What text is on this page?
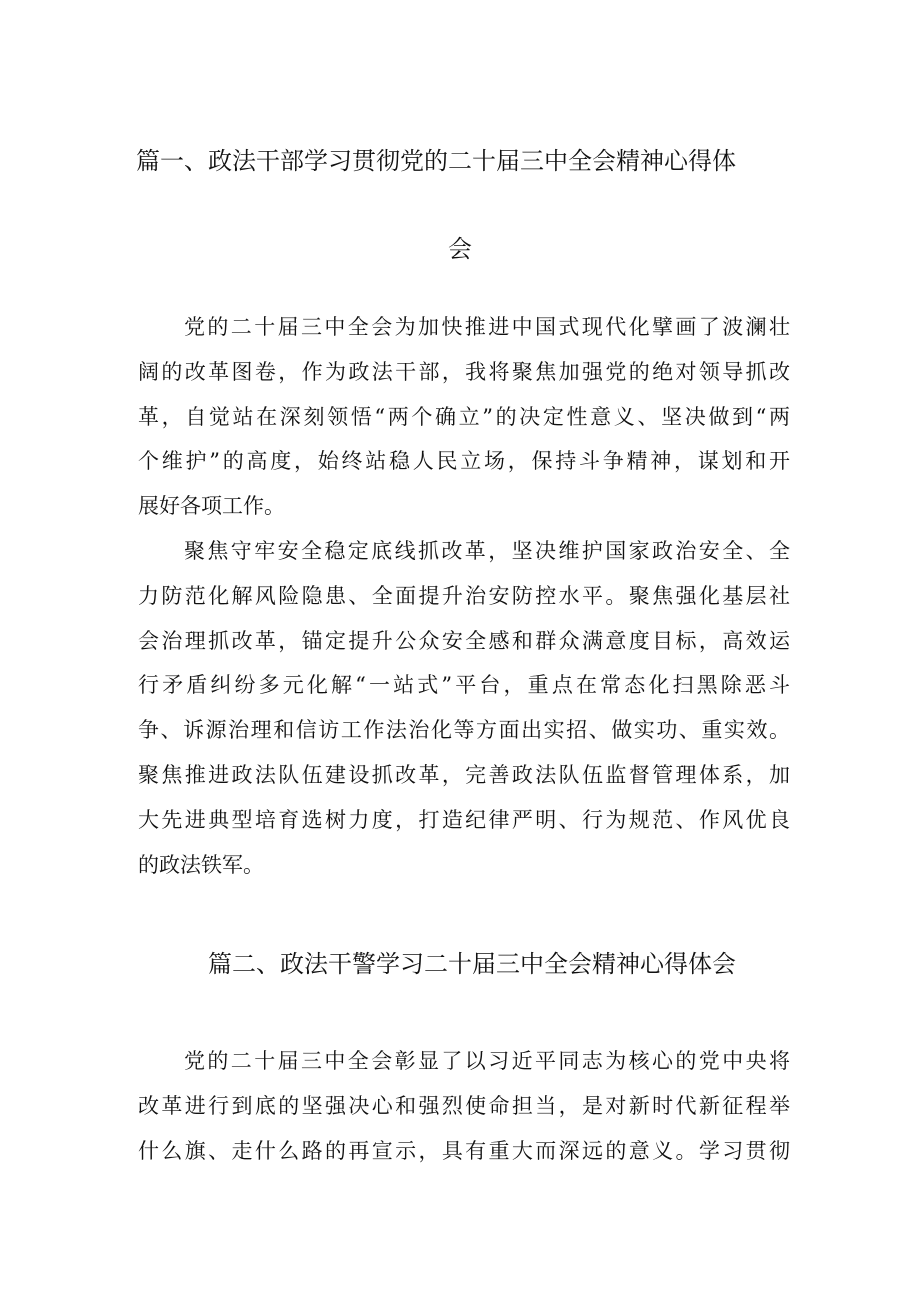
篇一、政法干部学习贯彻党的二十届三中全会精神心得体
会
党的二十届三中全会为加快推进中国式现代化擘画了波澜壮
阔的改革图卷，作为政法干部，我将聚焦加强党的绝对领导抓改
革，自觉站在深刻领悟“两个确立”的决定性意义、坚决做到“两
个维护”的高度，始终站稳人民立场，保持斗争精神，谋划和开
展好各项工作。
聚焦守牢安全稳定底线抓改革，坚决维护国家政治安全、全
力防范化解风险隐患、全面提升治安防控水平。聚焦强化基层社
会治理抓改革，锚定提升公众安全感和群众满意度目标，高效运
行矛盾纠纷多元化解“一站式”平台，重点在常态化扫黑除恶斗
争、诉源治理和信访工作法治化等方面出实招、做实功、重实效。
聚焦推进政法队伍建设抓改革，完善政法队伍监督管理体系，加
大先进典型培育选树力度，打造纪律严明、行为规范、作风优良
的政法铁军。
篇二、政法干警学习二十届三中全会精神心得体会
党的二十届三中全会彰显了以习近平同志为核心的党中央将
改革进行到底的坚强决心和强烈使命担当，是对新时代新征程举
什么旗、走什么路的再宣示，具有重大而深远的意义。学习贯彻
